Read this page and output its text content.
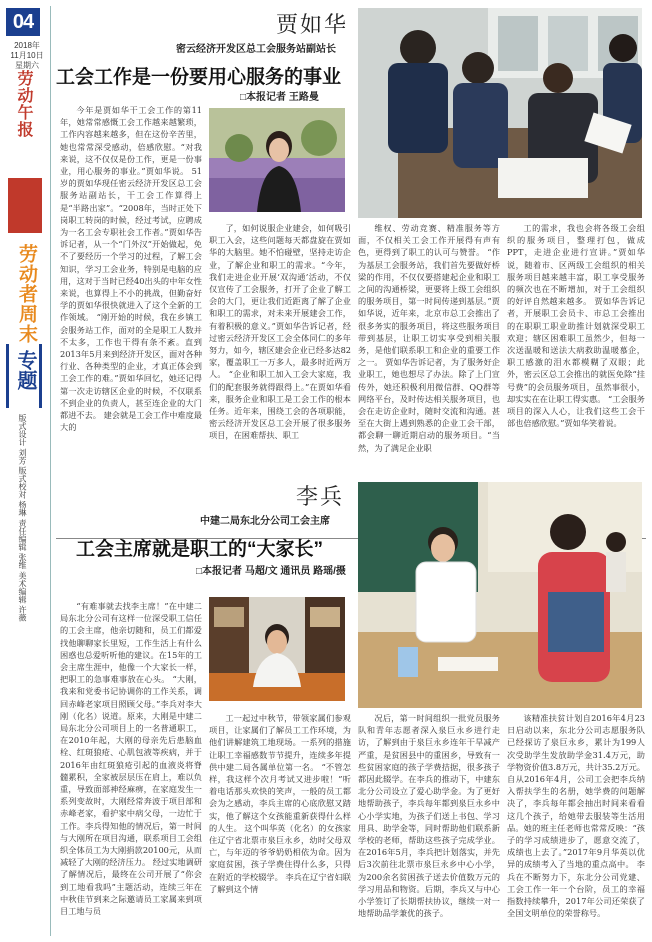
04
2018年
11月10日
星期六
劳动午报
劳动者周末
专题
版式设计 刘芳 版式校对 杨琳 责任编辑 张维 美术编辑 许薇
贾如华
密云经济开发区总工会服务站副站长
工会工作是一份要用心服务的事业
□本报记者 王路曼
今年是贾如华干工会工作的第11年，她常常感慨工会工作越来越繁琐，工作内容越来越多，但在这份辛苦里，她也常常深受感动，倍感欣慰。“对我来说，这不仅仅是份工作，更是一份事业，用心服务的事业。”贾如华说。 51岁的贾如华现任密云经济开发区总工会服务站副站长，干工会工作算得上是“半路出家”。“2008年，当时正处下岗职工转岗的时候，经过考试，应聘成为一名工会专职社会工作者。”贾如华告诉记者，从一个“门外汉”开始做起，免不了要经历一个学习的过程，了解工会知识，学习工会业务，特别是电脑的应用，这对于当时已经40出头的中年女性来说，也算得上不小的挑战，但勤奋好学的贾如华很快就进入了这个全新的工作领域。 “刚开始的时候，我在乡镇工会服务站工作，面对的全是职工人数并不太多，工作也干得有条不紊。直到2013年5月来到经济开发区，面对各种行业、各种类型的企业，才真正体会到工会工作的难。”贾如华回忆，她还记得第一次走访辖区企业的时候，不仅联系不到企业的负责人，甚至连企业的大门都进不去。 建会就是工会工作中难度最大的
了，如何说服企业建会，如何吸引职工入会，这些问题每天都盘旋在贾如华的大脑里。她不怕碰壁，坚持走访企业，了解企业和职工的需求。“今年，我们走进企业开展‘双沟通’活动，不仅仅宣传了工会服务，打开了企业了解工会的大门，更让我们近距离了解了企业和职工的需求，对未来开展建会工作，有着积极的意义。”贾如华告诉记者，经过密云经济开发区工会全体同仁的多年努力，如今，辖区建会企业已经多达82家，覆盖职工一万多人，最多时近两万人。 “企业和职工加入工会大家庭，我们的配套服务就得跟得上。”在贾如华看来，服务企业和职工是工会工作的根本任务。近年来，围绕工会的各项职能，密云经济开发区总工会开展了很多服务项目，在困难帮扶、职工
维权、劳动竞赛、精准服务等方面，不仅相关工会工作开展得有声有色，更得到了职工的认可与赞誉。 “作为基层工会服务站，我们首先要做好桥梁的作用，不仅仅要搭建起企业和职工之间的沟通桥梁，更要将上级工会组织的服务项目，第一时间传递到基层。”贾如华说，近年来，北京市总工会推出了很多务实的服务项目，将这些服务项目带到基层，让职工切实享受到相关服务，是他们联系职工和企业的重要工作之一。 贾如华告诉记者，为了服务好企业职工，她也想尽了办法。除了上门宣传外，她还积极利用微信群、QQ群等网络平台，及时传达相关服务项目，也会在走访企业时，随时交流和沟通。甚至在大街上遇到熟悉的企业工会干部，都会聊一聊近期启动的服务项目。“当然，为了满足企业职
工的需求，我也会将各级工会组织的服务项目，整理打包，做成PPT，走进企业进行宣讲。”贾如华说，随着市、区两级工会组织的相关服务项目越来越丰富，职工享受服务的频次也在不断增加，对于工会组织的好评自然越来越多。 贾如华告诉记者，开展职工会员卡、市总工会推出的在职职工职业助推计划就深受职工欢迎；辖区困难职工虽然少，但每一次送温暖和送法大病救助温暖慕企，职工感激的泪水都模糊了双眼；此外，密云区总工会推出的就医免除“挂号费”的会员服务项目，虽然事很小，却实实在在让职工得实惠。 “工会服务项目的深入人心，让我们这些工会干部也倍感欣慰。”贾如华笑着说。
李兵
中建二局东北分公司工会主席
工会主席就是职工的“大家长”
□本报记者 马超/文 通讯员 路瑶/摄
“有难事就去找李主席！”在中建二局东北分公司有这样一位深受职工信任的工会主席，他亲切随和，员工们都爱找他聊聊家长里短，工作生活上有什么困惑也总爱听听他的建议。在15年的工会主席生涯中，他像一个大家长一样，把职工的急事难事放在心头。 “大刚，我来和党委书记协调你的工作关系，调回赤峰老家项目照顾父母。”李兵对李大刚（化名）说道。原来，大刚是中建二局东北分公司项目上的一名普通职工，在2010年起，大刚的母亲先后患脑血栓、红斑狼疮、心肌包液等疾病，并于2016年由红斑狼疮引起的血液炎将脊髓累积，全家被层层压在肩上，难以负重，导致面部神经麻痹，在家庭发生一系列变故时，大刚经常奔波于项目部和赤峰老家，看护家中病父母，一边忙于工作。李兵得知他的情况后，第一时间与大刚所在项目沟通，联系项目工会组织全体员工为大刚捐款20100元，从而减轻了大刚的经济压力。 经过实地调研了解情况后，最终在公司开展了“你会到工地看我吗”主题活动，连续三年在中秋佳节到来之际邀请员工家属来到项目工地与员
工一起过中秋节，带领家属们参观项目，让家属们了解员工工作环境，为他们讲解建筑工地现场。一系列的措施让职工幸福感数节节提升，连续多年提供中建二局各属单位第一名。 “不管怎样，我这样个次月考试又进步啦！”听着电话那头欢快的笑声，一般的员工都会为之感动，李兵主席的心底欣慰又踏实，他了解这个女孩能重新获得什么样的人生。 这个叫华英（化名）的女孩家住辽宁省北票市泉巨永乡，幼时父母双亡，与年迈的爷爷奶奶相依为命。因为家庭贫困，孩子学费住得什么多，只得在附近的学校辍学。 李兵在辽宁省妇联了解到这个情
况后，第一时间组织一批党员服务队和青年志愿者深入泉巨永乡进行走访，了解到由于泉巨永乡连年干旱减产严重，是贫困县中的重困乡，导致有一些贫困家庭的孩子学费拮据，很多孩子都因此辍学。在李兵的推动下，中建东北分公司设立了爱心助学金。为了更好地帮助孩子，李兵每年都到泉巨永乡中心小学实地，为孩子们送上书包、学习用具、助学金等，同时帮助他们联系新学校的老师，帮助这些孩子完成学业。在2016年5月，李兵把计划落实，并先后3次前往北票市泉巨永乡中心小学，为200余名贫困孩子送去价值数万元的学习用品和物资。后期，李兵又与中心小学签订了长期帮扶协议，继续一对一地帮助品学兼优的孩子。
该精准扶贫计划自2016年4月23日启动以来，东北分公司志愿服务队已经探访了泉巨永乡，累计为199人次受助学生发放助学金31.4万元，助学物资价值3.8万元，共计35.2万元。 自从2016年4月，公司工会把李兵纳入帮扶学生的名册，她学费的问题解决了，李兵每年都会抽出时间来看看这几个孩子，给她带去服装等生活用品。她的班主任老师也常常反映：“孩子的学习成绩进步了，愿意交流了，成绩也上去了。”2017年9月华英以优异的成绩考入了当地的重点高中。 李兵在不断努力下，东北分公司党建、工会工作一年一个台阶，员工的幸福指数持续攀升，2017年公司还荣获了全国文明单位的荣誉称号。
